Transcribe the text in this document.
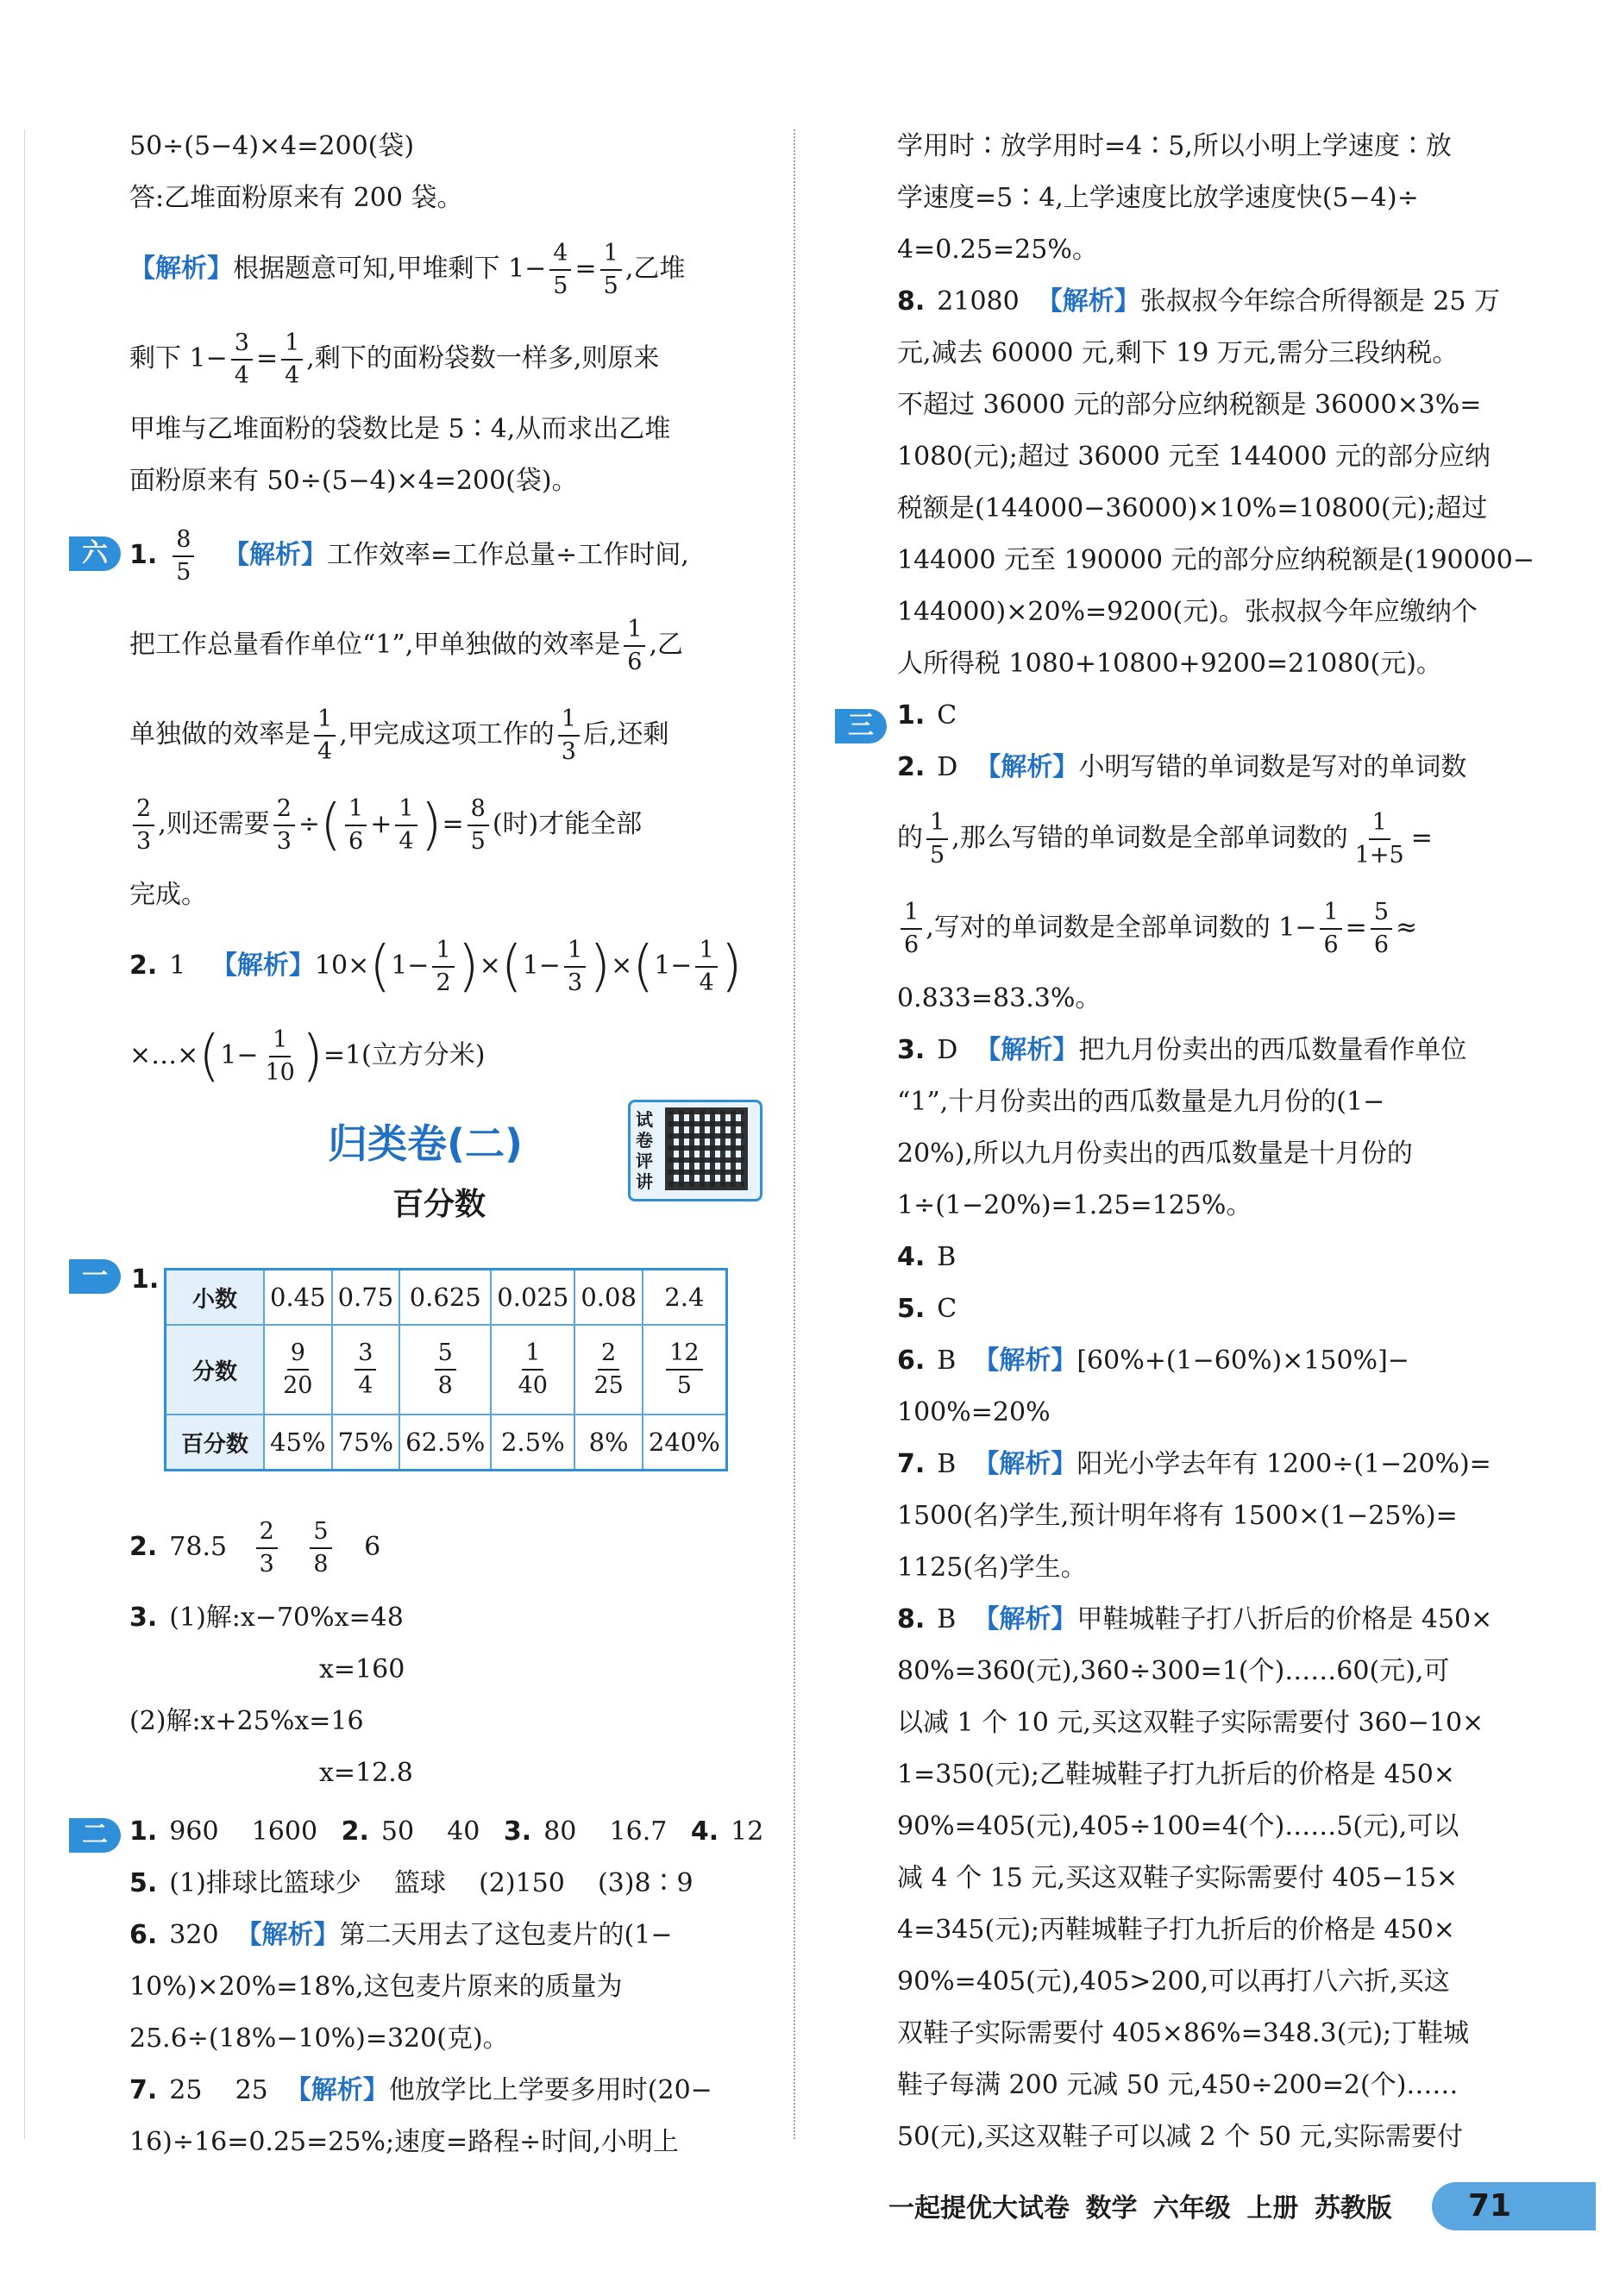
50÷(5−4)×4=200(袋)
答:乙堆面粉原来有 200 袋。
【解析】根据题意可知,甲堆剩下 $1- \frac{4}{5} = \frac{1}{5}$ ,乙堆
剩下 $1- \frac{3}{4} = \frac{1}{4}$ ,剩下的面粉袋数一样多,则原来
甲堆与乙堆面粉的袋数比是 5∶4,从而求出乙堆
面粉原来有 50÷(5−4)×4=200(袋)。
1. $\frac{8}{5}$ 【解析】工作效率=工作总量÷工作时间,
把工作总量看作单位“1”,甲单独做的效率是 $\frac{1}{6}$ ,乙
单独做的效率是 $\frac{1}{4}$ ,甲完成这项工作的 $\frac{1}{3}$ 后,还剩
$\frac{2}{3}$ ,则还需要 $\frac{2}{3}$ ÷( $\frac{1}{6} + \frac{1}{4}$ )= $\frac{8}{5}$ (时)才能全部
完成。
2. 1 【解析】$10\times(1- \frac{1}{2} )\times(1- \frac{1}{3} )\times(1- \frac{1}{4}$ )
×…×(1− $\frac{1}{10} )=1$(立方分米)
六
归类卷(二)
百分数
试卷评讲
一 1.
小数	0.45	0.75	0.625	0.025	0.08	2.4
分数	$\frac{9}{20}$	$\frac{3}{4}$	$\frac{5}{8}$	$\frac{1}{40}$	$\frac{2}{25}$	$\frac{12}{5}$

百分数	45%	75%	62.5%	2.5%	8%	240%
2. $78.5 \frac{2}{3}$
$\frac{5}{8} 6$
3. (1)解:x−70%x=48
x=160
(2)解:x+25%x=16
x=12.8
1. 960    1600 2. 50    40 3. 80    16.7 4. 12
5. (1)排球比篮球少    篮球    (2)150    (3)8∶9
6. 320 【解析】第二天用去了这包麦片的(1−
10%)×20%=18%,这包麦片原来的质量为
25.6÷(18%−10%)=320(克)。
7. 25    25 【解析】他放学比上学要多用时(20−
16)÷16=0.25=25%;速度=路程÷时间,小明上
二
学用时∶放学用时=4∶5,所以小明上学速度∶放
学速度=5∶4,上学速度比放学速度快(5−4)÷
4=0.25=25%。
8. 21080 【解析】张叔叔今年综合所得额是 25 万
元,减去 60000 元,剩下 19 万元,需分三段纳税。
不超过 36000 元的部分应纳税额是 36000×3%=
1080(元);超过 36000 元至 144000 元的部分应纳
税额是(144000−36000)×10%=10800(元);超过
144000 元至 190000 元的部分应纳税额是(190000−
144000)×20%=9200(元)。张叔叔今年应缴纳个
人所得税 1080+10800+9200=21080(元)。
1. C
2. D 【解析】小明写错的单词数是写对的单词数
的 $\frac{1}{5}$ ,那么写错的单词数是全部单词数的 $\frac{1}{1+5}$ =
$\frac{1}{6}$ ,写对的单词数是全部单词数的 $1- \frac{1}{6} = \frac{5}{6}$ ≈
0.833=83.3%。
3. D 【解析】把九月份卖出的西瓜数量看作单位
“1”,十月份卖出的西瓜数量是九月份的(1−
20%),所以九月份卖出的西瓜数量是十月份的
1÷(1−20%)=1.25=125%。
4. B
5. C
6. B 【解析】[60%+(1−60%)×150%]−
100%=20%
7. B 【解析】阳光小学去年有 1200÷(1−20%)=
1500(名)学生,预计明年将有 1500×(1−25%)=
1125(名)学生。
8. B 【解析】甲鞋城鞋子打八折后的价格是 450×
80%=360(元),360÷300=1(个)……60(元),可
以减 1 个 10 元,买这双鞋子实际需要付 360−10×
1=350(元);乙鞋城鞋子打九折后的价格是 450×
90%=405(元),405÷100=4(个)……5(元),可以
减 4 个 15 元,买这双鞋子实际需要付 405−15×
4=345(元);丙鞋城鞋子打九折后的价格是 450×
90%=405(元),405>200,可以再打八六折,买这
双鞋子实际需要付 405×86%=348.3(元);丁鞋城
鞋子每满 200 元减 50 元,450÷200=2(个)……
50(元),买这双鞋子可以减 2 个 50 元,实际需要付
三
一起提优大试卷 数学 六年级 上册 苏教版	71
